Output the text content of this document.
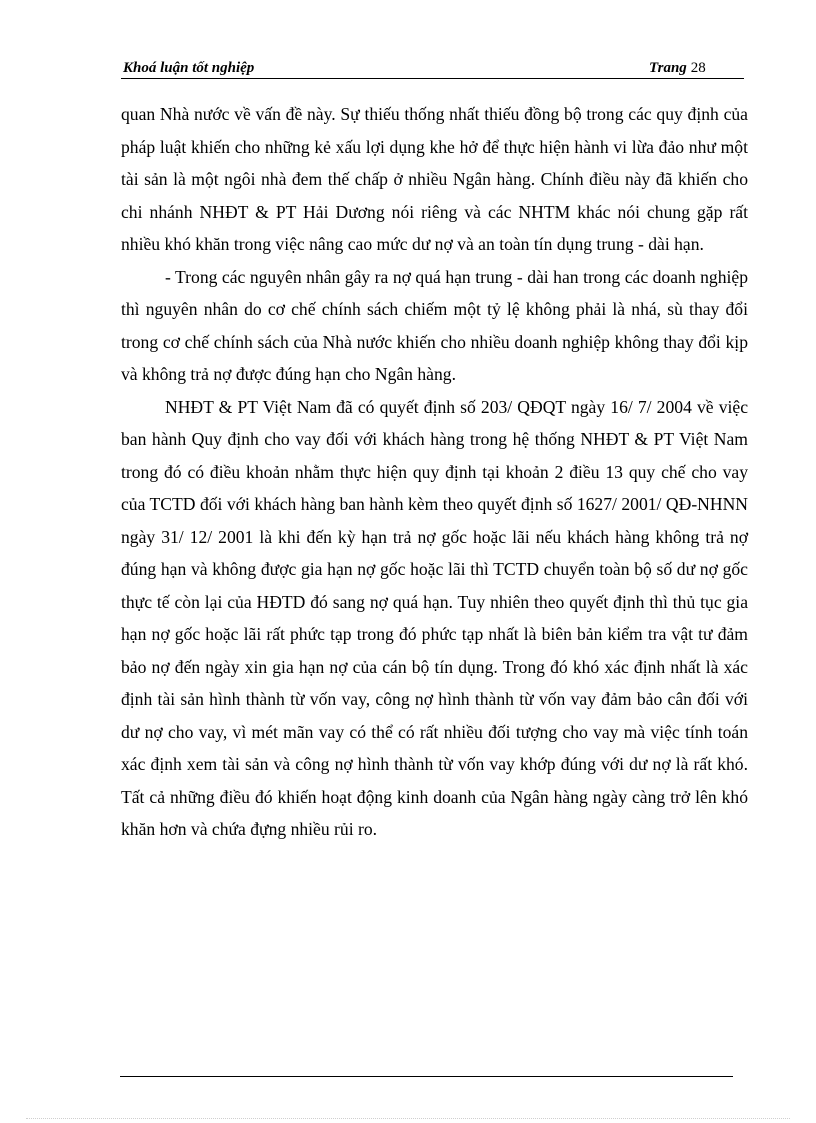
Khoá luận tốt nghiệp	Trang 28

quan Nhà nước về vấn đề này. Sự thiếu thống nhất thiếu đồng bộ trong các quy định của pháp luật khiến cho những kẻ xấu lợi dụng khe hở để thực hiện hành vi lừa đảo như một tài sản là một ngôi nhà đem thế chấp ở nhiều Ngân hàng. Chính điều này đã khiến cho chi nhánh NHĐT & PT Hải Dương nói riêng và các NHTM khác nói chung gặp rất nhiều khó khăn trong việc nâng cao mức dư nợ và an toàn tín dụng trung - dài hạn.

- Trong các nguyên nhân gây ra nợ quá hạn trung - dài han trong các doanh nghiệp thì nguyên nhân do cơ chế chính sách chiếm một tỷ lệ không phải là nhá, sù thay đổi trong cơ chế chính sách của Nhà nước khiến cho nhiều doanh nghiệp không thay đổi kịp và không trả nợ được đúng hạn cho Ngân hàng.

NHĐT & PT Việt Nam đã có quyết định số 203/ QĐQT ngày 16/ 7/ 2004 về việc ban hành Quy định cho vay đối với khách hàng trong hệ thống NHĐT & PT Việt Nam trong đó có điều khoản nhằm thực hiện quy định tại khoản 2 điều 13 quy chế cho vay của TCTD đối với khách hàng ban hành kèm theo quyết định số 1627/ 2001/ QĐ-NHNN ngày 31/ 12/ 2001 là khi đến kỳ hạn trả nợ gốc hoặc lãi nếu khách hàng không trả nợ đúng hạn và không được gia hạn nợ gốc hoặc lãi thì TCTD chuyển toàn bộ số dư nợ gốc thực tế còn lại của HĐTD đó sang nợ quá hạn. Tuy nhiên theo quyết định thì thủ tục gia hạn nợ gốc hoặc lãi rất phức tạp trong đó phức tạp nhất là biên bản kiểm tra vật tư đảm bảo nợ đến ngày xin gia hạn nợ của cán bộ tín dụng. Trong đó khó xác định nhất là xác định tài sản hình thành từ vốn vay, công nợ hình thành từ vốn vay đảm bảo cân đối với dư nợ cho vay, vì mét mãn vay có thể có rất nhiều đối tượng cho vay mà việc tính toán xác định xem tài sản và công nợ hình thành từ vốn vay khớp đúng với dư nợ là rất khó. Tất cả những điều đó khiến hoạt động kinh doanh của Ngân hàng ngày càng trở lên khó khăn hơn và chứa đựng nhiều rủi ro.
